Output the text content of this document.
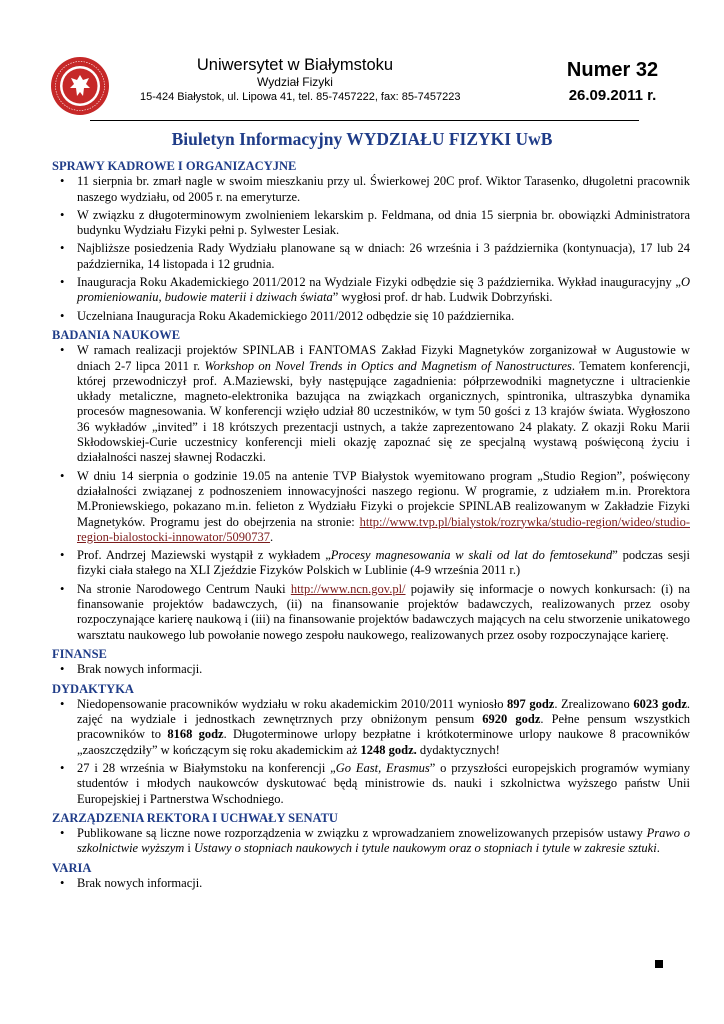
Uniwersytet w Białymstoku
Wydział Fizyki
15-424 Białystok, ul. Lipowa 41, tel. 85-7457222, fax: 85-7457223
Numer 32
26.09.2011 r.
Biuletyn Informacyjny WYDZIAŁU FIZYKI UwB
SPRAWY KADROWE I ORGANIZACYJNE
• 11 sierpnia br. zmarł nagle w swoim mieszkaniu przy ul. Świerkowej 20C prof. Wiktor Tarasenko, długoletni pracownik naszego wydziału, od 2005 r. na emeryturze.
• W związku z długoterminowym zwolnieniem lekarskim p. Feldmana, od dnia 15 sierpnia br. obowiązki Administratora budynku Wydziału Fizyki pełni p. Sylwester Lesiak.
• Najbliższe posiedzenia Rady Wydziału planowane są w dniach: 26 września i 3 października (kontynuacja), 17 lub 24 października, 14 listopada i 12 grudnia.
• Inauguracja Roku Akademickiego 2011/2012 na Wydziale Fizyki odbędzie się 3 października. Wykład inauguracyjny „O promieniowaniu, budowie materii i dziwach świata” wygłosi prof. dr hab. Ludwik Dobrzyński.
• Uczelniana Inauguracja Roku Akademickiego 2011/2012 odbędzie się 10 października.
BADANIA NAUKOWE
• W ramach realizacji projektów SPINLAB i FANTOMAS Zakład Fizyki Magnetyków zorganizował w Augustowie w dniach 2-7 lipca 2011 r. Workshop on Novel Trends in Optics and Magnetism of Nanostructures. Tematem konferencji, której przewodniczył prof. A.Maziewski, były następujące zagadnienia: półprzewodniki magnetyczne i ultracienkie układy metaliczne, magneto-elektronika bazująca na związkach organicznych, spintronika, ultraszybka dynamika procesów magnesowania. W konferencji wzięło udział 80 uczestników, w tym 50 gości z 13 krajów świata. Wygłoszono 36 wykładów „invited” i 18 krótszych prezentacji ustnych, a także zaprezentowano 24 plakaty. Z okazji Roku Marii Skłodowskiej-Curie uczestnicy konferencji mieli okazję zapoznać się ze specjalną wystawą poświęconą życiu i działalności naszej sławnej Rodaczki.
• W dniu 14 sierpnia o godzinie 19.05 na antenie TVP Białystok wyemitowano program „Studio Region”, poświęcony działalności związanej z podnoszeniem innowacyjności naszego regionu. W programie, z udziałem m.in. Prorektora M.Proniewskiego, pokazano m.in. felieton z Wydziału Fizyki o projekcie SPINLAB realizowanym w Zakładzie Fizyki Magnetyków. Programu jest do obejrzenia na stronie: http://www.tvp.pl/bialystok/rozrywka/studio-region/wideo/studio-region-bialostocki-innowator/5090737.
• Prof. Andrzej Maziewski wystąpił z wykładem „Procesy magnesowania w skali od lat do femtosekund” podczas sesji fizyki ciała stałego na XLI Zjeździe Fizyków Polskich w Lublinie (4-9 września 2011 r.)
• Na stronie Narodowego Centrum Nauki http://www.ncn.gov.pl/ pojawiły się informacje o nowych konkursach: (i) na finansowanie projektów badawczych, (ii) na finansowanie projektów badawczych, realizowanych przez osoby rozpoczynające karierę naukową i (iii) na finansowanie projektów badawczych mających na celu stworzenie unikatowego warsztatu naukowego lub powołanie nowego zespołu naukowego, realizowanych przez osoby rozpoczynające karierę.
FINANSE
• Brak nowych informacji.
DYDAKTYKA
• Niedopensowanie pracowników wydziału w roku akademickim 2010/2011 wyniosło 897 godz. Zrealizowano 6023 godz. zajęć na wydziale i jednostkach zewnętrznych przy obniżonym pensum 6920 godz. Pełne pensum wszystkich pracowników to 8168 godz. Długoterminowe urlopy bezpłatne i krótkoterminowe urlopy naukowe 8 pracowników „zaoszczędziły” w kończącym się roku akademickim aż 1248 godz. dydaktycznych!
• 27 i 28 września w Białymstoku na konferencji „Go East, Erasmus” o przyszłości europejskich programów wymiany studentów i młodych naukowców dyskutować będą ministrowie ds. nauki i szkolnictwa wyższego państw Unii Europejskiej i Partnerstwa Wschodniego.
ZARZĄDZENIA REKTORA I UCHWAŁY SENATU
• Publikowane są liczne nowe rozporządzenia w związku z wprowadzaniem znowelizowanych przepisów ustawy Prawo o szkolnictwie wyższym i Ustawy o stopniach naukowych i tytule naukowym oraz o stopniach i tytule w zakresie sztuki.
VARIA
• Brak nowych informacji.
